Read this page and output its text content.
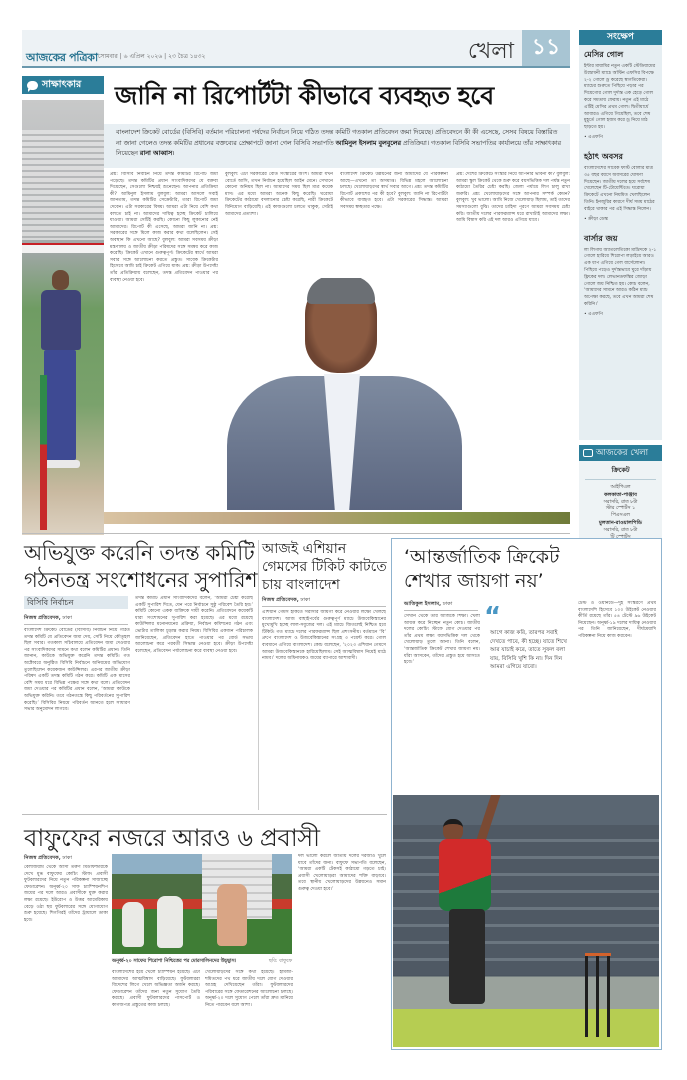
আজকের পত্রিকা সোমবার | ৬ এপ্রিল ২০২৬ | ২৩ চৈত্র ১৪৩২	খেলা ১১	সংক্ষেপ
মেসির গোল
ইন্টার মায়ামির নতুন একটি স্টেডিয়ামের উদ্বোধনী ম্যাচে অস্টিন এফসির বিপক্ষে ২-২ গোলে ড্র করেছে স্বাগতিকেরা। ম্যাচের শুরুতে পিছিয়ে পড়ার পর দিয়েগোর গোল দুর্দান্ত এক হেড়ে গোল করে সমতায় ফেরায়। নতুন এই মাঠে এটিই মেসির প্রথম গোল। দ্বিতীয়ার্ধে আবারও এগিয়ে গিয়েছিল, তবে শেষ মুহূর্তে গোল হজম করে ড্র নিয়ে মাঠ ছাড়তে হয়।
• এএফপি
হঠাৎ অবসর
বাংলাদেশের সাবেক ফাস্ট বোলার মাত্র ৩৫ বছর বয়সে অবসরের ঘোষণা দিয়েছেন। জাতীয় দলের হয়ে সর্বশেষ খেলেছেন টি-টোয়েন্টিতে। ঘরোয়া ক্রিকেটে এখনো নিয়মিত খেলছিলেন তিনি। ইনজুরির কারণে দীর্ঘ সময় মাঠের বাইরে থাকার পর এই সিদ্ধান্ত নিলেন।
• ক্রীড়া ডেস্ক
বার্সার জয়
লা লিগায় অ্যাতলেতিকো মাদ্রিদকে ২-১ গোলে হারিয়ে শিরোপা লড়াইয়ে আরও এক ধাপ এগিয়ে গেল বার্সেলোনা। পিছিয়ে পড়েও দুর্দান্তভাবে ঘুরে দাঁড়ায় ফ্লিকের দল। লেভানডফস্কির জোড়া গোলে জয় নিশ্চিত হয়। কোচ বলেন, ‘আমাদের সামনে আরও কঠিন ম্যাচ অপেক্ষা করছে, তবে এখন আমরা শেষ করিনি।’
• এএফপি
আজকের খেলা
ক্রিকেট
আইপিএল
কলকাতা-পাঞ্জাব
সরাসরি, রাত ৮টা
স্টার স্পোর্টস ১
পিএসএল
মুলতান-রাওয়ালপিন্ডি
সরাসরি, রাত ৮টা
সাক্ষাৎকার জানি না রিপোর্টটা কীভাবে ব্যবহৃত হবে
বাংলাদেশ ক্রিকেট বোর্ডের (বিসিবি) বর্তমান পরিচালনা পর্ষদের নির্বাচন নিয়ে গঠিত তদন্ত কমিটি গতকাল প্রতিবেদন জমা দিয়েছে। প্রতিবেদনে কী কী এসেছে, সেসব বিষয়ে বিস্তারিত না জানা গেলেও তদন্ত কমিটির প্রধানের বক্তব্যের প্রেক্ষাপটে জানা গেল বিসিবি সভাপতি আমিনুল ইসলাম বুলবুলের প্রতিক্রিয়া। গতকাল বিসিবি সভাপতির কার্যালয়ে তাঁর সাক্ষাৎকার নিয়েছেন রানা আব্বাস।
প্রশ্ন: বিসিবি নির্বাচন নিয়ে তদন্ত কমিটির রিপোর্ট জমা পড়েছে। তদন্ত কমিটির প্রধান সাংবাদিকদের যে বক্তব্য দিয়েছেন, সেগুলো নিশ্চয়ই শুনেছেন। আপনার প্রতিক্রিয়া কী? আমিনুল ইসলাম বুলবুল: আমরা আসলে সবাই জানতাম, তদন্ত কমিটির সেক্রেটারি, তারা রিপোর্ট জমা দেবেন। এটা সরকারের বিষয়। আমরা এটা নিয়ে বেশি কথা বলতে চাই না। আমাদের দায়িত্ব হচ্ছে ক্রিকেট চালিয়ে যাওয়া। আমরা সেটিই করছি। কোনো কিছু লুকানোর নেই আমাদের। রিপোর্ট কী এসেছে, আমরা জানি না। প্রশ্ন: সরকারের সঙ্গে মিলে কাজ করার কথা বলেছিলেন। সেই অবস্থান কি এখনো আছে? বুলবুল: আমরা সবসময় ক্রীড়া মন্ত্রণালয় ও জাতীয় ক্রীড়া পরিষদের সঙ্গে সমন্বয় করে কাজ করেছি। ক্রিকেট এখানে গুরুত্বপূর্ণ। ক্রিকেটের স্বার্থে আমরা সবার সঙ্গে আলোচনা করতে প্রস্তুত। সাবেক ক্রিকেটার হিসেবে আমি চাই ক্রিকেট এগিয়ে যাক। প্রশ্ন: ক্রীড়া উপদেষ্টা তাঁর প্রতিক্রিয়ায় বলেছেন, তদন্ত প্রতিবেদন পাওয়ার পর ব্যবস্থা নেওয়া হবে।
বুলবুল: এটা সরকারের বোর্ড সংস্কারের অংশ। আমরা যখন বোর্ডে আসি, তখন নির্বাচন হয়েছিল আইন মেনে। সেখানে কোনো অনিয়ম ছিল না। আমাদের সময় ছিল মাত্র কয়েক মাস। এর মধ্যে আমরা অনেক কিছু করেছি। ঘরোয়া ক্রিকেটের কাঠামো বদলানোর চেষ্টা করেছি, নারী ক্রিকেটে বিনিয়োগ বাড়িয়েছি। এই কাজগুলো চলতে থাকুক, সেটাই আমাদের প্রত্যাশা।
বাংলাদেশ ক্রিকেট উন্নয়নের জন্য আমাদের যে পরিকল্পনা আছে—এখনো তা অসমাপ্ত। বিভিন্ন মহলে আলোচনা চলছে। খেলোয়াড়দের স্বার্থ সবার আগে। প্রশ্ন: তদন্ত কমিটির রিপোর্ট প্রকাশের পর কী হবে? বুলবুল: জানি না রিপোর্টটা কীভাবে ব্যবহৃত হবে। এটা সরকারের সিদ্ধান্ত। আমরা সবসময় স্বচ্ছতার পক্ষে।
প্রশ্ন: দেশের ক্রিকেটে সংস্কার নিয়ে আপনার ভাবনা কী? বুলবুল: আমরা স্কুল ক্রিকেট থেকে শুরু করে বয়সভিত্তিক দল পর্যন্ত নতুন কাঠামো তৈরির চেষ্টা করছি। জেলা পর্যায়ে লিগ চালু রাখা জরুরি। প্রশ্ন: খেলোয়াড়দের সঙ্গে আপনার সম্পর্ক কেমন? বুলবুল: খুব ভালো। আমি নিজে খেলোয়াড় ছিলাম, তাই তাদের সমস্যাগুলো বুঝি। তাদের চাহিদা পূরণে আমরা সবসময় চেষ্টা করি। জাতীয় দলের পারফরম্যান্স ধরে রাখাটাই আমাদের লক্ষ্য। আমি বিশ্বাস করি এই দল আরও এগিয়ে যাবে।
অভিযুক্ত করেনি তদন্ত কমিটি
গঠনতন্ত্র সংশোধনের সুপারিশ
বিসিবি নির্বাচন
নিজস্ব প্রতিবেদক, ঢাকা
বাংলাদেশ ক্রিকেট বোর্ডের (বিসিবি) নির্বাচন নিয়ে গঠিত তদন্ত কমিটি যে প্রতিবেদন জমা দেয়, সেটি নিয়ে কৌতূহল ছিল সবার। গতকাল সচিবালয়ে প্রতিবেদন জমা দেওয়ার পর সাংবাদিকদের সামনে কথা বলেন কমিটির প্রধান। তিনি জানান, কাউকে অভিযুক্ত করেনি তদন্ত কমিটি। গত অক্টোবরে অনুষ্ঠিত বিসিবি নির্বাচনে অনিয়মের অভিযোগ তুলেছিলেন কয়েকজন কাউন্সিলর। এরপর জাতীয় ক্রীড়া পরিষদ একটি তদন্ত কমিটি গঠন করে। কমিটি এক মাসের বেশি সময় ধরে বিভিন্ন পক্ষের সঙ্গে কথা বলে। প্রতিবেদন জমা দেওয়ার পর কমিটির প্রধান বলেন, ‘আমরা কাউকে অভিযুক্ত করিনি। তবে গঠনতন্ত্রে কিছু পরিবর্তনের সুপারিশ করেছি।’ বিসিবির নিয়মে পরিবর্তন আনতে হলে সাধারণ সভার অনুমোদন লাগবে।
তদন্ত কমিটি প্রধান সাংবাদিকদের বলেন, ‘আমরা চেষ্টা করেছি একটি সুপারিশ দিতে, যেন পরে নির্বাচনে সুষ্ঠু পরিবেশ তৈরি হয়।’ কমিটি কোনো একক ব্যক্তিকে দায়ী করেনি। প্রতিবেদনে কয়েকটি ধারা সংশোধনের সুপারিশ করা হয়েছে। এর মধ্যে রয়েছে কাউন্সিলর মনোনয়নের প্রক্রিয়া, নির্বাচন কমিশনের গঠন এবং ভোটার তালিকা চূড়ান্ত করার নিয়ম। বিসিবির একজন পরিচালক জানিয়েছেন, প্রতিবেদন হাতে পাওয়ার পর বোর্ড সভায় আলোচনা করে পরবর্তী সিদ্ধান্ত নেওয়া হবে। ক্রীড়া উপদেষ্টা বলেছেন, প্রতিবেদন পর্যালোচনা করে ব্যবস্থা নেওয়া হবে।
আজই এশিয়ান গেমসের টিকিট কাটতে চায় বাংলাদেশ
নিজস্ব প্রতিবেদক, ঢাকা
এশিয়ান গেমস হকিতে সরাসরি জায়গা করে নেওয়ার লক্ষ্যে খেলছে বাংলাদেশ। আজ বাছাইপর্বের গুরুত্বপূর্ণ ম্যাচে উজবেকিস্তানের মুখোমুখি হচ্ছে লাল-সবুজের দল। এই ম্যাচে জিতলেই নিশ্চিত হবে টিকিট। গত ম্যাচে দলের পারফরম্যান্স ছিল প্রশংসনীয়। বর্তমানে ‘বি’ গ্রুপে বাংলাদেশ ও উজবেকিস্তানের সংগ্রহ ৩ পয়েন্ট করে। গোল ব্যবধানে এগিয়ে বাংলাদেশ। কোচ বলেছেন, ‘২০২৩ এশিয়ান গেমসে আমরা উজবেকিস্তানকে হারিয়েছিলাম। সেই আত্মবিশ্বাস নিয়েই মাঠে নামব।’ দলের অধিনায়কও জয়ের ব্যাপারে আশাবাদী।
‘আন্তর্জাতিক ক্রিকেট
শেখার জায়গা নয়’
আতিকুল ইসলাম, ঢাকা
সেখান থেকে তাঁর আজকে শিক্ষা। খেলা আয়ত্ত করে নিচ্ছেন নতুন কোচ। জাতীয় দলের কোচিং স্টাফে যোগ দেওয়ার পর তাঁর প্রথম লক্ষ্য বয়সভিত্তিক দল থেকে খেলোয়াড় তুলে আনা। তিনি বলেন, ‘আন্তর্জাতিক ক্রিকেট শেখার জায়গা নয়। যাঁরা আসবেন, তাঁদের প্রস্তুত হয়ে আসতে হবে।’
“
আগে কাজ করি, তারপর সবাই দেখতে পাবে, কী হচ্ছে। যাতে শিখে আর যাচাই করে, তাতে সুফল বলা যায়, বিসিবি খুশি কি না। দিন দিন আমরা এগিয়ে যাবো।
টেস্ট ও ওয়ানডে—দুই সংস্করণে প্রথম বাংলাদেশি হিসেবে ১০০ উইকেট নেওয়ার কীর্তি রয়েছে তাঁর। ৫৪ টেস্টে ৯৬ উইকেট নিয়েছেন। অনূর্ধ্ব-১৯ দলের দায়িত্ব নেওয়ার পর তিনি জানিয়েছেন, দীর্ঘমেয়াদি পরিকল্পনা নিয়ে কাজ করবেন।
বাফুফের নজরে আরও ৬ প্রবাসী
নিজস্ব প্রতিবেদক, ঢাকা
বেলজিয়াম থেকে আসা তরুণ মিডফিল্ডারকে দেখে মুগ্ধ বাফুফের কোচিং স্টাফ। প্রবাসী ফুটবলারদের নিয়ে নতুন পরিকল্পনা সাজাচ্ছে ফেডারেশন। অনূর্ধ্ব-২০ সাফ চ্যাম্পিয়নশিপ জয়ের পর দলে আরও প্রবাসীকে যুক্ত করার লক্ষ্য রয়েছে। ইউরোপ ও উত্তর আমেরিকায় বেড়ে ওঠা ছয় ফুটবলারের সঙ্গে যোগাযোগ শুরু হয়েছে। শিগগিরই তাঁদের ট্রায়ালে ডাকা হবে।
ছবি: বাফুফে
অনূর্ধ্ব-২০ সাফের শিরোপা নিশ্চিতের পর মোরসালিনদের উচ্ছ্বাস।
বাংলাদেশের হয়ে খেলে চ্যাম্পিয়ন হয়েছে। এটা আমাদের আত্মবিশ্বাস বাড়িয়েছে। ফুটবলাররা বিদেশের লিগে খেলে অভিজ্ঞতা অর্জন করছে। ফেডারেশন তাঁদের জন্য নতুন সুযোগ তৈরি করছে। প্রবাসী ফুটবলারদের পাসপোর্ট ও কাগজপত্র প্রস্তুতের কাজ চলছে।
খেলোয়াড়দের সঙ্গে কথা হয়েছে। হামজা-শমিতদের পথ ধরে জাতীয় দলে যোগ দেওয়ার আগ্রহ দেখিয়েছেন তাঁরা। ফুটবলারদের পরিবারের সঙ্গে ফেডারেশনের আলোচনা চলছে। অনূর্ধ্ব-২০ দলে সুযোগ পেলে তাঁরা দ্রুত মানিয়ে নিতে পারবেন বলে আশা।
দল ভালো করলে জাতীয় দলের দরজাও খুলে যাবে তাঁদের জন্য। বাফুফে সভাপতি বলেছেন, ‘আমরা একটি টেকসই কাঠামো গড়তে চাই। প্রবাসী খেলোয়াড়রা আমাদের শক্তি বাড়াবে। তবে স্থানীয় খেলোয়াড়দের উন্নয়নেও সমান গুরুত্ব দেওয়া হবে।’
